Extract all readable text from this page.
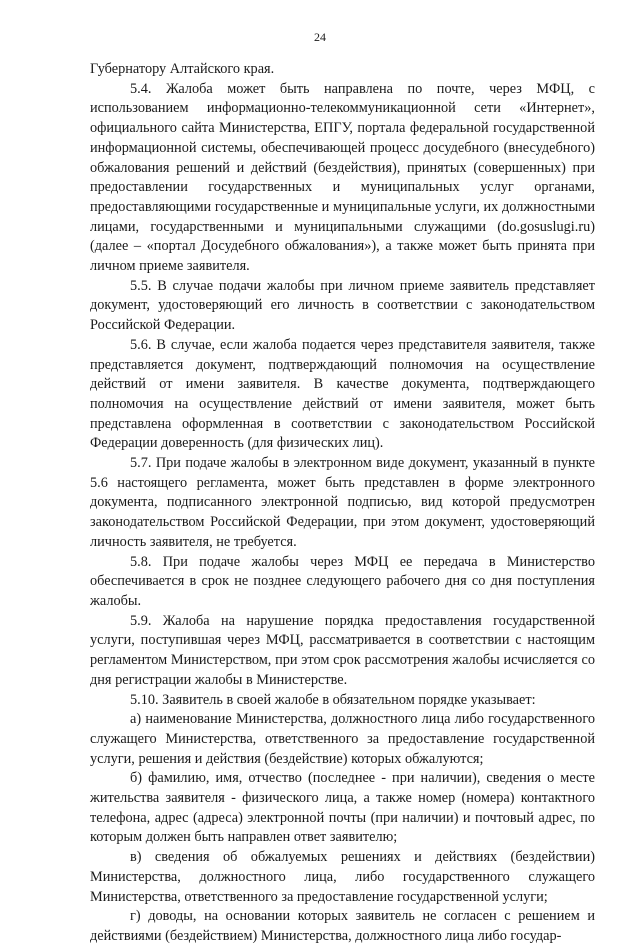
24

Губернатору Алтайского края.

5.4. Жалоба может быть направлена по почте, через МФЦ, с использованием информационно-телекоммуникационной сети «Интернет», официального сайта Министерства, ЕПГУ, портала федеральной государственной информационной системы, обеспечивающей процесс досудебного (внесудебного) обжалования решений и действий (бездействия), принятых (совершенных) при предоставлении государственных и муниципальных услуг органами, предоставляющими государственные и муниципальные услуги, их должностными лицами, государственными и муниципальными служащими (do.gosuslugi.ru) (далее – «портал Досудебного обжалования»), а также может быть принята при личном приеме заявителя.

5.5. В случае подачи жалобы при личном приеме заявитель представляет документ, удостоверяющий его личность в соответствии с законодательством Российской Федерации.

5.6. В случае, если жалоба подается через представителя заявителя, также представляется документ, подтверждающий полномочия на осуществление действий от имени заявителя. В качестве документа, подтверждающего полномочия на осуществление действий от имени заявителя, может быть представлена оформленная в соответствии с законодательством Российской Федерации доверенность (для физических лиц).

5.7. При подаче жалобы в электронном виде документ, указанный в пункте 5.6 настоящего регламента, может быть представлен в форме электронного документа, подписанного электронной подписью, вид которой предусмотрен законодательством Российской Федерации, при этом документ, удостоверяющий личность заявителя, не требуется.

5.8. При подаче жалобы через МФЦ ее передача в Министерство обеспечивается в срок не позднее следующего рабочего дня со дня поступления жалобы.

5.9. Жалоба на нарушение порядка предоставления государственной услуги, поступившая через МФЦ, рассматривается в соответствии с настоящим регламентом Министерством, при этом срок рассмотрения жалобы исчисляется со дня регистрации жалобы в Министерстве.

5.10. Заявитель в своей жалобе в обязательном порядке указывает:

а) наименование Министерства, должностного лица либо государственного служащего Министерства, ответственного за предоставление государственной услуги, решения и действия (бездействие) которых обжалуются;

б) фамилию, имя, отчество (последнее - при наличии), сведения о месте жительства заявителя - физического лица, а также номер (номера) контактного телефона, адрес (адреса) электронной почты (при наличии) и почтовый адрес, по которым должен быть направлен ответ заявителю;

в) сведения об обжалуемых решениях и действиях (бездействии) Министерства, должностного лица, либо государственного служащего Министерства, ответственного за предоставление государственной услуги;

г) доводы, на основании которых заявитель не согласен с решением и действиями (бездействием) Министерства, должностного лица либо государ-
